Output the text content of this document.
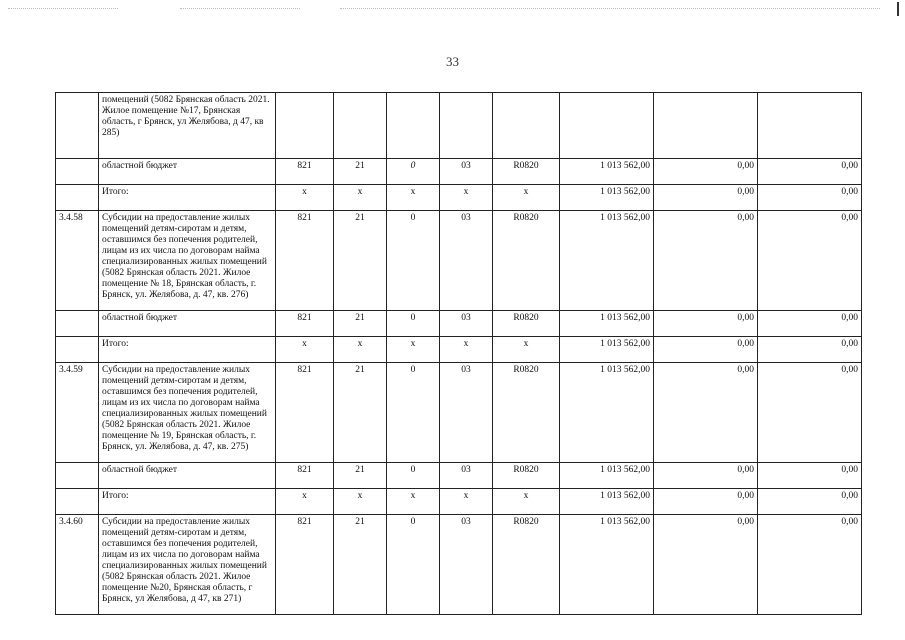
33
	помещений (5082 Брянская область 2021. Жилое помещение №17, Брянская область, г Брянск, ул Желябова, д 47, кв 285)								
	областной бюджет	821	21	0	03	R0820	1 013 562,00	0,00	0,00
	Итого:	x	x	x	x	x	1 013 562,00	0,00	0,00
3.4.58	Субсидии на предоставление жилых помещений детям-сиротам и детям, оставшимся без попечения родителей, лицам из их числа по договорам найма специализированных жилых помещений (5082 Брянская область 2021. Жилое помещение № 18, Брянская область, г. Брянск, ул. Желябова, д. 47, кв. 276)	821	21	0	03	R0820	1 013 562,00	0,00	0,00
	областной бюджет	821	21	0	03	R0820	1 013 562,00	0,00	0,00
	Итого:	x	x	x	x	x	1 013 562,00	0,00	0,00
3.4.59	Субсидии на предоставление жилых помещений детям-сиротам и детям, оставшимся без попечения родителей, лицам из их числа по договорам найма специализированных жилых помещений (5082 Брянская область 2021. Жилое помещение № 19, Брянская область, г. Брянск, ул. Желябова, д. 47, кв. 275)	821	21	0	03	R0820	1 013 562,00	0,00	0,00
	областной бюджет	821	21	0	03	R0820	1 013 562,00	0,00	0,00
	Итого:	x	x	x	x	x	1 013 562,00	0,00	0,00
3.4.60	Субсидии на предоставление жилых помещений детям-сиротам и детям, оставшимся без попечения родителей, лицам из их числа по договорам найма специализированных жилых помещений (5082 Брянская область 2021. Жилое помещение №20, Брянская область, г Брянск, ул Желябова, д 47, кв 271)	821	21	0	03	R0820	1 013 562,00	0,00	0,00
